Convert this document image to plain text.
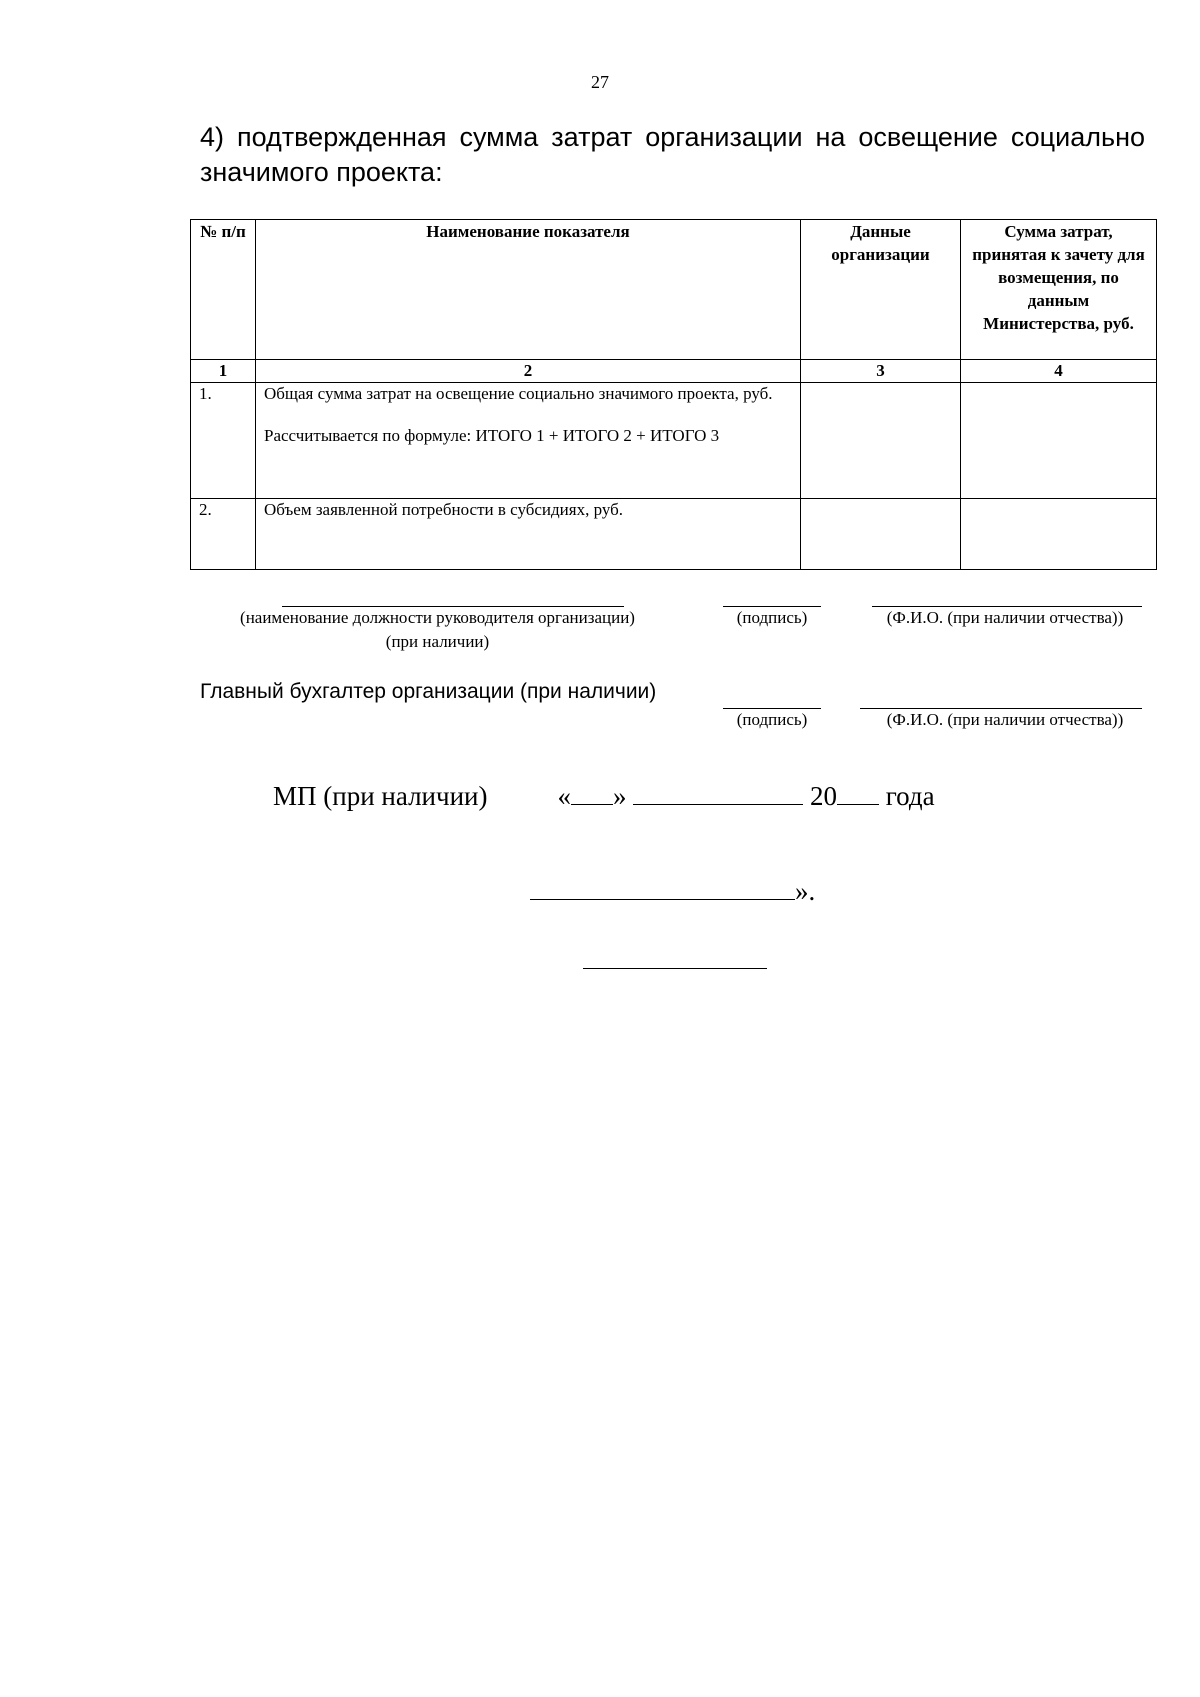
27
4) подтвержденная сумма затрат организации на освещение социально значимого проекта:
№ п/п	Наименование показателя	Данные организации	Сумма затрат, принятая к зачету для возмещения, по данным Министерства, руб.
1	2	3	4
1.	Общая сумма затрат на освещение социально значимого проекта, руб.

Рассчитывается по формуле: ИТОГО 1 + ИТОГО 2 + ИТОГО 3		

2.	Объем заявленной потребности в субсидиях, руб.		

(наименование должности руководителя организации)
(при наличии)
(подпись)	(Ф.И.О. (при наличии отчества))
Главный бухгалтер организации (при наличии)
(подпись)	(Ф.И.О. (при наличии отчества))
МП (при наличии)	« »	20 года
».
